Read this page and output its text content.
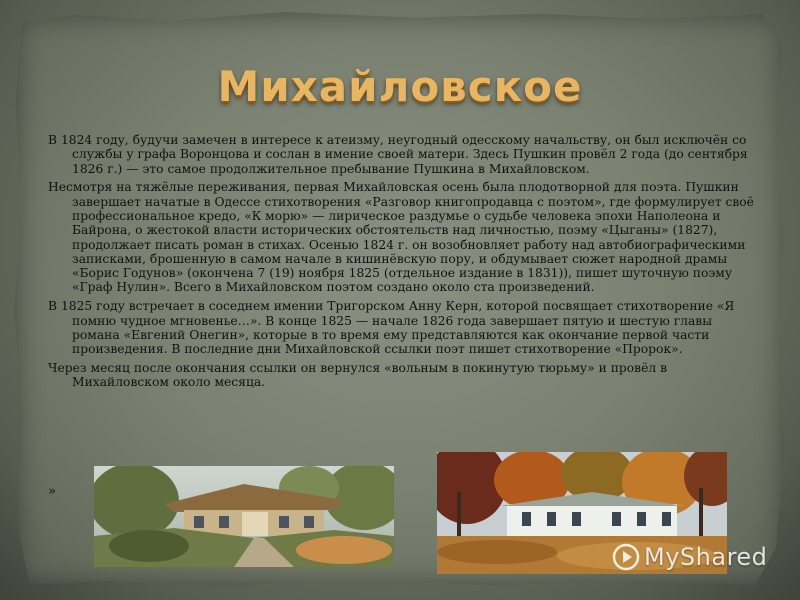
Михайловское

В 1824 году, будучи замечен в интересе к атеизму, неугодный одесскому начальству, он был исключён со службы у графа Воронцова и сослан в имение своей матери. Здесь Пушкин провёл 2 года (до сентября 1826 г.) — это самое продолжительное пребывание Пушкина в Михайловском.

Несмотря на тяжёлые переживания, первая Михайловская осень была плодотворной для поэта. Пушкин завершает начатые в Одессе стихотворения «Разговор книгопродавца с поэтом», где формулирует своё профессиональное кредо, «К морю» — лирическое раздумье о судьбе человека эпохи Наполеона и Байрона, о жестокой власти исторических обстоятельств над личностью, поэму «Цыганы» (1827), продолжает писать роман в стихах. Осенью 1824 г. он возобновляет работу над автобиографическими записками, брошенную в самом начале в кишинёвскую пору, и обдумывает сюжет народной драмы «Борис Годунов» (окончена 7 (19) ноября 1825 (отдельное издание в 1831)), пишет шуточную поэму «Граф Нулин». Всего в Михайловском поэтом создано около ста произведений.

В 1825 году встречает в соседнем имении Тригорском Анну Керн, которой посвящает стихотворение «Я помню чудное мгновенье…». В конце 1825 — начале 1826 года завершает пятую и шестую главы романа «Евгений Онегин», которые в то время ему представляются как окончание первой части произведения. В последние дни Михайловской ссылки поэт пишет стихотворение «Пророк».

Через месяц после окончания ссылки он вернулся «вольным в покинутую тюрьму» и провёл в Михайловском около месяца.

»
MyShared
